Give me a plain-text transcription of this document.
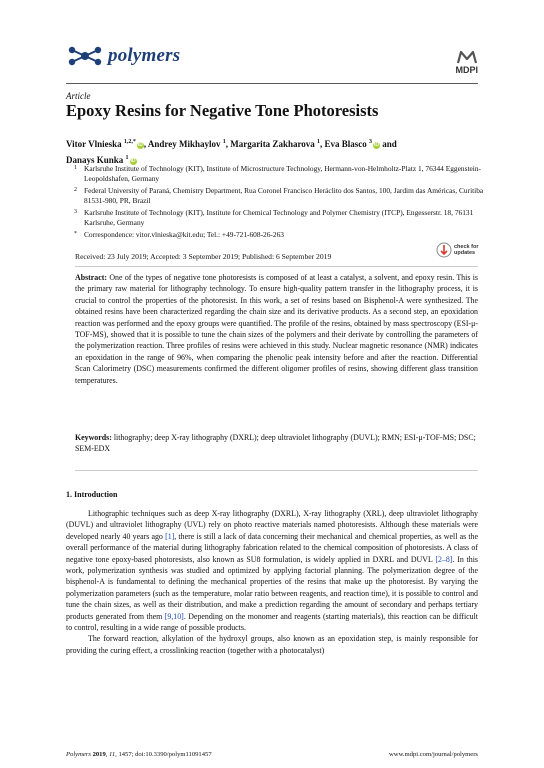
polymers
MDPI
Article
Epoxy Resins for Negative Tone Photoresists
Vitor Vlnieska $^{1,2,*}$ iD, Andrey Mikhaylov $^1$, Margarita Zakharova $^1$, Eva Blasco $^3$ iD and
Danays Kunka $^1$ iD
1 Karlsruhe Institute of Technology (KIT), Institute of Microstructure Technology, Hermann-von-Helmholtz-Platz 1, 76344 Eggenstein-Leopoldshafen, Germany
2 Federal University of Paraná, Chemistry Department, Rua Coronel Francisco Heráclito dos Santos, 100, Jardim das Américas, Curitiba 81531-980, PR, Brazil
3 Karlsruhe Institute of Technology (KIT), Institute for Chemical Technology and Polymer Chemistry (ITCP), Engesserstr. 18, 76131 Karlsruhe, Germany
* Correspondence: vitor.vlnieska@kit.edu; Tel.: +49-721-608-26-263
Received: 23 July 2019; Accepted: 3 September 2019; Published: 6 September 2019
check for
updates
Abstract: One of the types of negative tone photoresists is composed of at least a catalyst, a solvent, and epoxy resin. This is the primary raw material for lithography technology. To ensure high-quality pattern transfer in the lithography process, it is crucial to control the properties of the photoresist. In this work, a set of resins based on Bisphenol-A were synthesized. The obtained resins have been characterized regarding the chain size and its derivative products. As a second step, an epoxidation reaction was performed and the epoxy groups were quantified. The profile of the resins, obtained by mass spectroscopy (ESI-μ-TOF-MS), showed that it is possible to tune the chain sizes of the polymers and their derivate by controlling the parameters of the polymerization reaction. Three profiles of resins were achieved in this study. Nuclear magnetic resonance (NMR) indicates an epoxidation in the range of 96%, when comparing the phenolic peak intensity before and after the reaction. Differential Scan Calorimetry (DSC) measurements confirmed the different oligomer profiles of resins, showing different glass transition temperatures.
Keywords: lithography; deep X-ray lithography (DXRL); deep ultraviolet lithography (DUVL); RMN; ESI-μ-TOF-MS; DSC; SEM-EDX
1. Introduction

Lithographic techniques such as deep X-ray lithography (DXRL), X-ray lithography (XRL), deep ultraviolet lithography (DUVL) and ultraviolet lithography (UVL) rely on photo reactive materials named photoresists. Although these materials were developed nearly 40 years ago [1], there is still a lack of data concerning their mechanical and chemical properties, as well as the overall performance of the material during lithography fabrication related to the chemical composition of photoresists. A class of negative tone epoxy-based photoresists, also known as SU8 formulation, is widely applied in DXRL and DUVL [2–8]. In this work, polymerization synthesis was studied and optimized by applying factorial planning. The polymerization degree of the bisphenol-A is fundamental to defining the mechanical properties of the resins that make up the photoresist. By varying the polymerization parameters (such as the temperature, molar ratio between reagents, and reaction time), it is possible to control and tune the chain sizes, as well as their distribution, and make a prediction regarding the amount of secondary and perhaps tertiary products generated from them [9,10]. Depending on the monomer and reagents (starting materials), this reaction can be difficult to control, resulting in a wide range of possible products.

The forward reaction, alkylation of the hydroxyl groups, also known as an epoxidation step, is mainly responsible for providing the curing effect, a crosslinking reaction (together with a photocatalyst)

Polymers 2019, 11, 1457; doi:10.3390/polym11091457	www.mdpi.com/journal/polymers
